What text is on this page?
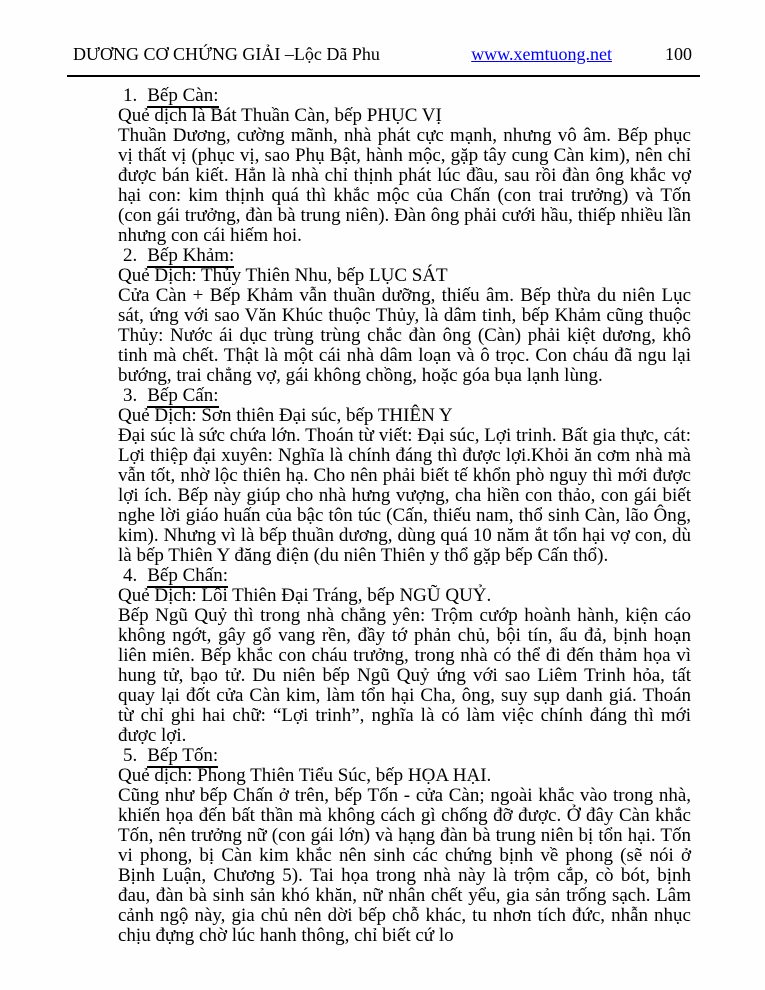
DƯƠNG CƠ CHỨNG GIẢI –Lộc Dã Phu	www.xemtuong.net	100
1. Bếp Càn:
Quẻ dịch là Bát Thuần Càn, bếp PHỤC VỊ
Thuần Dương, cường mãnh, nhà phát cực mạnh, nhưng vô âm. Bếp phục vị thất vị (phục vị, sao Phụ Bật, hành mộc, gặp tây cung Càn kim), nên chỉ được bán kiết. Hẳn là nhà chỉ thịnh phát lúc đầu, sau rồi đàn ông khắc vợ hại con: kim thịnh quá thì khắc mộc của Chấn (con trai trưởng) và Tốn (con gái trưởng, đàn bà trung niên). Đàn ông phải cưới hầu, thiếp nhiều lần nhưng con cái hiếm hoi.
2. Bếp Khảm:
Quẻ Dịch: Thủy Thiên Nhu, bếp LỤC SÁT
Cửa Càn + Bếp Khảm vẫn thuần dưỡng, thiếu âm. Bếp thừa du niên Lục sát, ứng với sao Văn Khúc thuộc Thủy, là dâm tinh, bếp Khảm cũng thuộc Thủy: Nước ái dục trùng trùng chắc đàn ông (Càn) phải kiệt dương, khô tinh mà chết. Thật là một cái nhà dâm loạn và ô trọc. Con cháu đã ngu lại bướng, trai chẳng vợ, gái không chồng, hoặc góa bụa lạnh lùng.
3. Bếp Cấn:
Quẻ Dịch: Sơn thiên Đại súc, bếp THIÊN Y
Đại súc là sức chứa lớn. Thoán từ viết: Đại súc, Lợi trinh. Bất gia thực, cát: Lợi thiệp đại xuyên: Nghĩa là chính đáng thì được lợi.Khỏi ăn cơm nhà mà vẫn tốt, nhờ lộc thiên hạ. Cho nên phải biết tế khổn phò nguy thì mới được lợi ích. Bếp này giúp cho nhà hưng vượng, cha hiền con thảo, con gái biết nghe lời giáo huấn của bậc tôn túc (Cấn, thiếu nam, thổ sinh Càn, lão Ông, kim). Nhưng vì là bếp thuần dương, dùng quá 10 năm ắt tổn hại vợ con, dù là bếp Thiên Y đăng điện (du niên Thiên y thổ gặp bếp Cấn thổ).
4. Bếp Chấn:
Quẻ Dịch: Lôi Thiên Đại Tráng, bếp NGŨ QUỶ.
Bếp Ngũ Quỷ thì trong nhà chẳng yên: Trộm cướp hoành hành, kiện cáo không ngớt, gây gổ vang rền, đầy tớ phản chủ, bội tín, ẩu đả, bịnh hoạn liên miên. Bếp khắc con cháu trưởng, trong nhà có thể đi đến thảm họa vì hung tử, bạo tử. Du niên bếp Ngũ Quỷ ứng với sao Liêm Trinh hỏa, tất quay lại đốt cửa Càn kim, làm tổn hại Cha, ông, suy sụp danh giá. Thoán từ chỉ ghi hai chữ: “Lợi trinh”, nghĩa là có làm việc chính đáng thì mới được lợi.
5. Bếp Tốn:
Quẻ dịch: Phong Thiên Tiểu Súc, bếp HỌA HẠI.
Cũng như bếp Chấn ở trên, bếp Tốn - cửa Càn; ngoài khắc vào trong nhà, khiến họa đến bất thần mà không cách gì chống đỡ được. Ở đây Càn khắc Tốn, nên trưởng nữ (con gái lớn) và hạng đàn bà trung niên bị tổn hại. Tốn vi phong, bị Càn kim khắc nên sinh các chứng bịnh về phong (sẽ nói ở Bịnh Luận, Chương 5). Tai họa trong nhà này là trộm cắp, cò bót, bịnh đau, đàn bà sinh sản khó khăn, nữ nhân chết yểu, gia sản trống sạch. Lâm cảnh ngộ này, gia chủ nên dời bếp chỗ khác, tu nhơn tích đức, nhẫn nhục chịu đựng chờ lúc hanh thông, chỉ biết cứ lo
